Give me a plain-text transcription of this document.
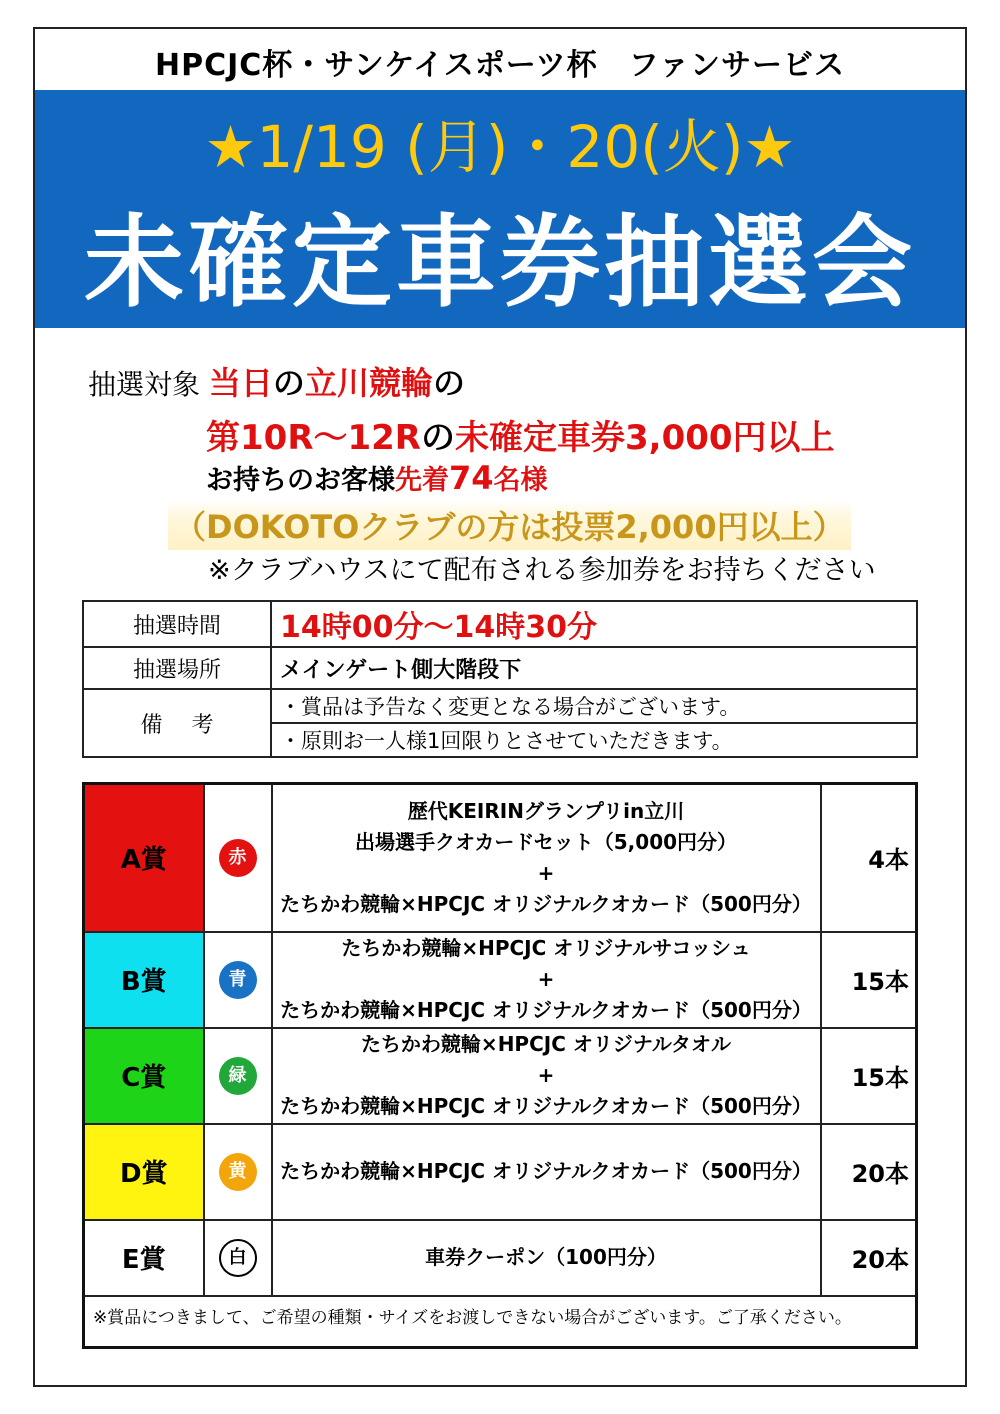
HPCJC杯・サンケイスポーツ杯　ファンサービス
★1/19 (月)・20(火)★
未確定車券抽選会
抽選対象 当日の立川競輪の
第10R～12Rの未確定車券3,000円以上
お持ちのお客様先着74名様
（DOKOTOクラブの方は投票2,000円以上）
※クラブハウスにて配布される参加券をお持ちください
抽選時間	14時00分～14時30分
抽選場所	メインゲート側大階段下
備　 考	・賞品は予告なく変更となる場合がございます。
	・原則お一人様1回限りとさせていただきます。
A賞	赤	歴代KEIRINグランプリin立川
出場選手クオカードセット（5,000円分）
+
たちかわ競輪×HPCJC オリジナルクオカード（500円分）	4本
B賞	青	たちかわ競輪×HPCJC オリジナルサコッシュ
+
たちかわ競輪×HPCJC オリジナルクオカード（500円分）	15本
C賞	緑	たちかわ競輪×HPCJC オリジナルタオル
+
たちかわ競輪×HPCJC オリジナルクオカード（500円分）	15本
D賞	黄	たちかわ競輪×HPCJC オリジナルクオカード（500円分）	20本
E賞	白	車券クーポン（100円分）	20本
※賞品につきまして、ご希望の種類・サイズをお渡しできない場合がございます。ご了承ください。			
